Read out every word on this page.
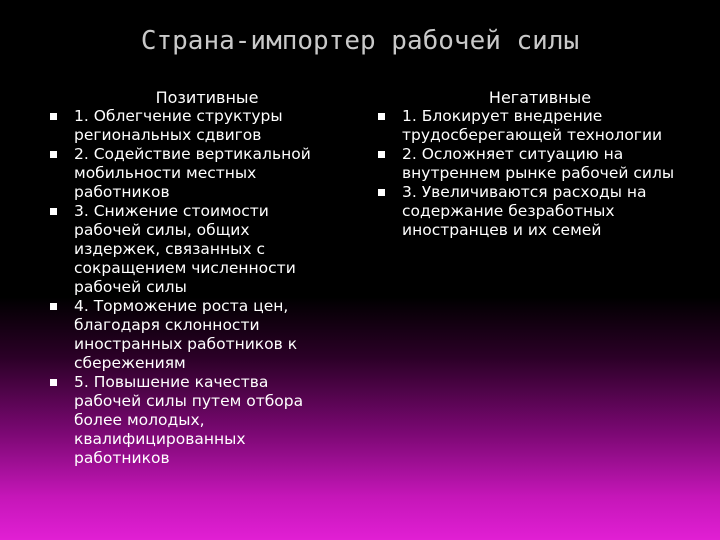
Страна-импортер рабочей силы
Позитивные
1. Облегчение структуры региональных сдвигов
2. Содействие вертикальной мобильности местных работников
3. Снижение стоимости рабочей силы, общих издержек, связанных с сокращением численности рабочей силы
4. Торможение роста цен, благодаря склонности иностранных работников к сбережениям
5. Повышение качества рабочей силы путем отбора более молодых, квалифицированных работников
Негативные
1. Блокирует внедрение трудосберегающей технологии
2. Осложняет ситуацию на внутреннем рынке рабочей силы
3. Увеличиваются расходы на содержание безработных иностранцев и их семей
